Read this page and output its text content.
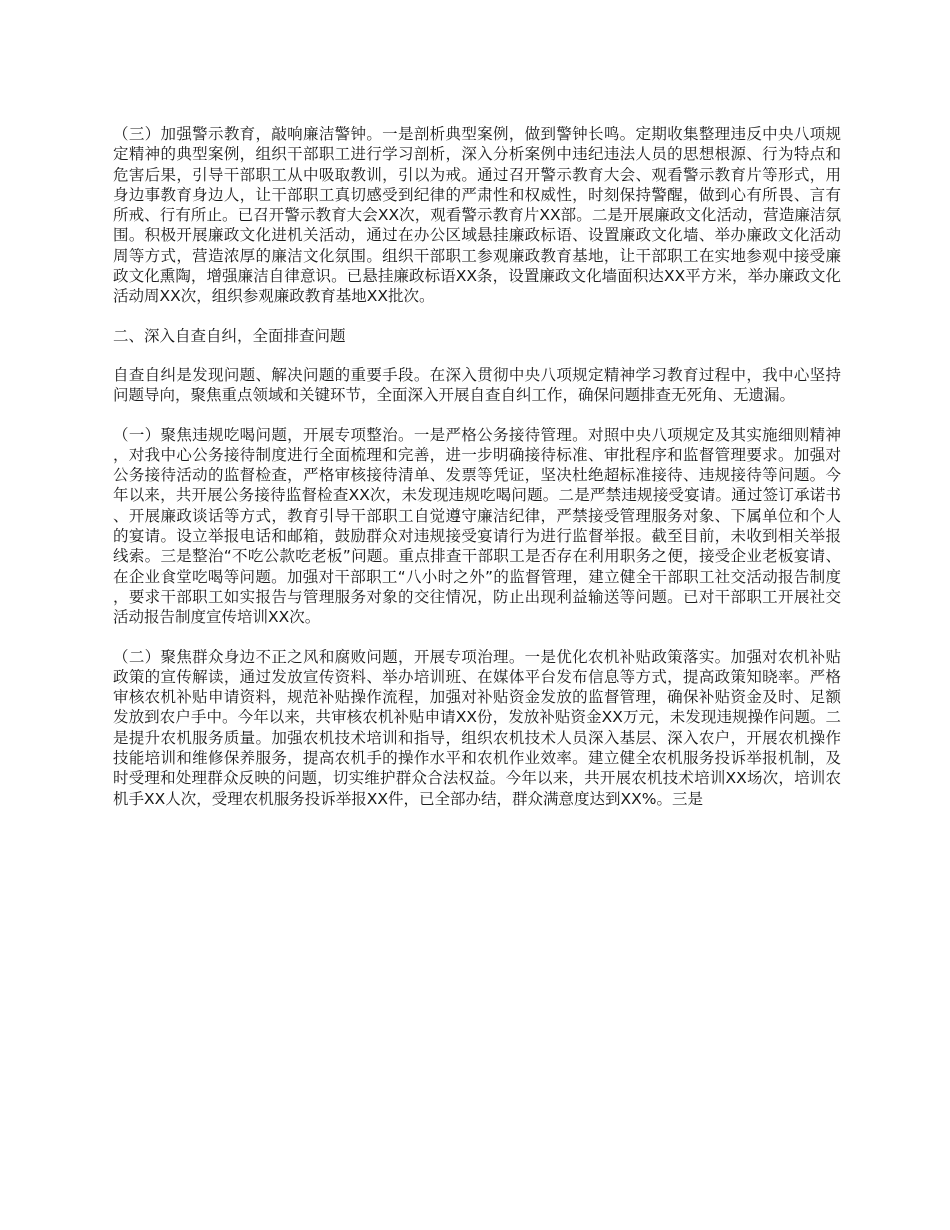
（三）加强警示教育，敲响廉洁警钟。一是剖析典型案例，做到警钟长鸣。定期收集整理违反中央八项规定精神的典型案例，组织干部职工进行学习剖析，深入分析案例中违纪违法人员的思想根源、行为特点和危害后果，引导干部职工从中吸取教训，引以为戒。通过召开警示教育大会、观看警示教育片等形式，用身边事教育身边人，让干部职工真切感受到纪律的严肃性和权威性，时刻保持警醒，做到心有所畏、言有所戒、行有所止。已召开警示教育大会XX次，观看警示教育片XX部。二是开展廉政文化活动，营造廉洁氛围。积极开展廉政文化进机关活动，通过在办公区域悬挂廉政标语、设置廉政文化墙、举办廉政文化活动周等方式，营造浓厚的廉洁文化氛围。组织干部职工参观廉政教育基地，让干部职工在实地参观中接受廉政文化熏陶，增强廉洁自律意识。已悬挂廉政标语XX条，设置廉政文化墙面积达XX平方米，举办廉政文化活动周XX次，组织参观廉政教育基地XX批次。

二、深入自查自纠，全面排查问题

自查自纠是发现问题、解决问题的重要手段。在深入贯彻中央八项规定精神学习教育过程中，我中心坚持问题导向，聚焦重点领域和关键环节，全面深入开展自查自纠工作，确保问题排查无死角、无遗漏。

（一）聚焦违规吃喝问题，开展专项整治。一是严格公务接待管理。对照中央八项规定及其实施细则精神，对我中心公务接待制度进行全面梳理和完善，进一步明确接待标准、审批程序和监督管理要求。加强对公务接待活动的监督检查，严格审核接待清单、发票等凭证，坚决杜绝超标准接待、违规接待等问题。今年以来，共开展公务接待监督检查XX次，未发现违规吃喝问题。二是严禁违规接受宴请。通过签订承诺书、开展廉政谈话等方式，教育引导干部职工自觉遵守廉洁纪律，严禁接受管理服务对象、下属单位和个人的宴请。设立举报电话和邮箱，鼓励群众对违规接受宴请行为进行监督举报。截至目前，未收到相关举报线索。三是整治“不吃公款吃老板”问题。重点排查干部职工是否存在利用职务之便，接受企业老板宴请、在企业食堂吃喝等问题。加强对干部职工“八小时之外”的监督管理，建立健全干部职工社交活动报告制度，要求干部职工如实报告与管理服务对象的交往情况，防止出现利益输送等问题。已对干部职工开展社交活动报告制度宣传培训XX次。

（二）聚焦群众身边不正之风和腐败问题，开展专项治理。一是优化农机补贴政策落实。加强对农机补贴政策的宣传解读，通过发放宣传资料、举办培训班、在媒体平台发布信息等方式，提高政策知晓率。严格审核农机补贴申请资料，规范补贴操作流程，加强对补贴资金发放的监督管理，确保补贴资金及时、足额发放到农户手中。今年以来，共审核农机补贴申请XX份，发放补贴资金XX万元，未发现违规操作问题。二是提升农机服务质量。加强农机技术培训和指导，组织农机技术人员深入基层、深入农户，开展农机操作技能培训和维修保养服务，提高农机手的操作水平和农机作业效率。建立健全农机服务投诉举报机制，及时受理和处理群众反映的问题，切实维护群众合法权益。今年以来，共开展农机技术培训XX场次，培训农机手XX人次，受理农机服务投诉举报XX件，已全部办结，群众满意度达到XX%。三是
